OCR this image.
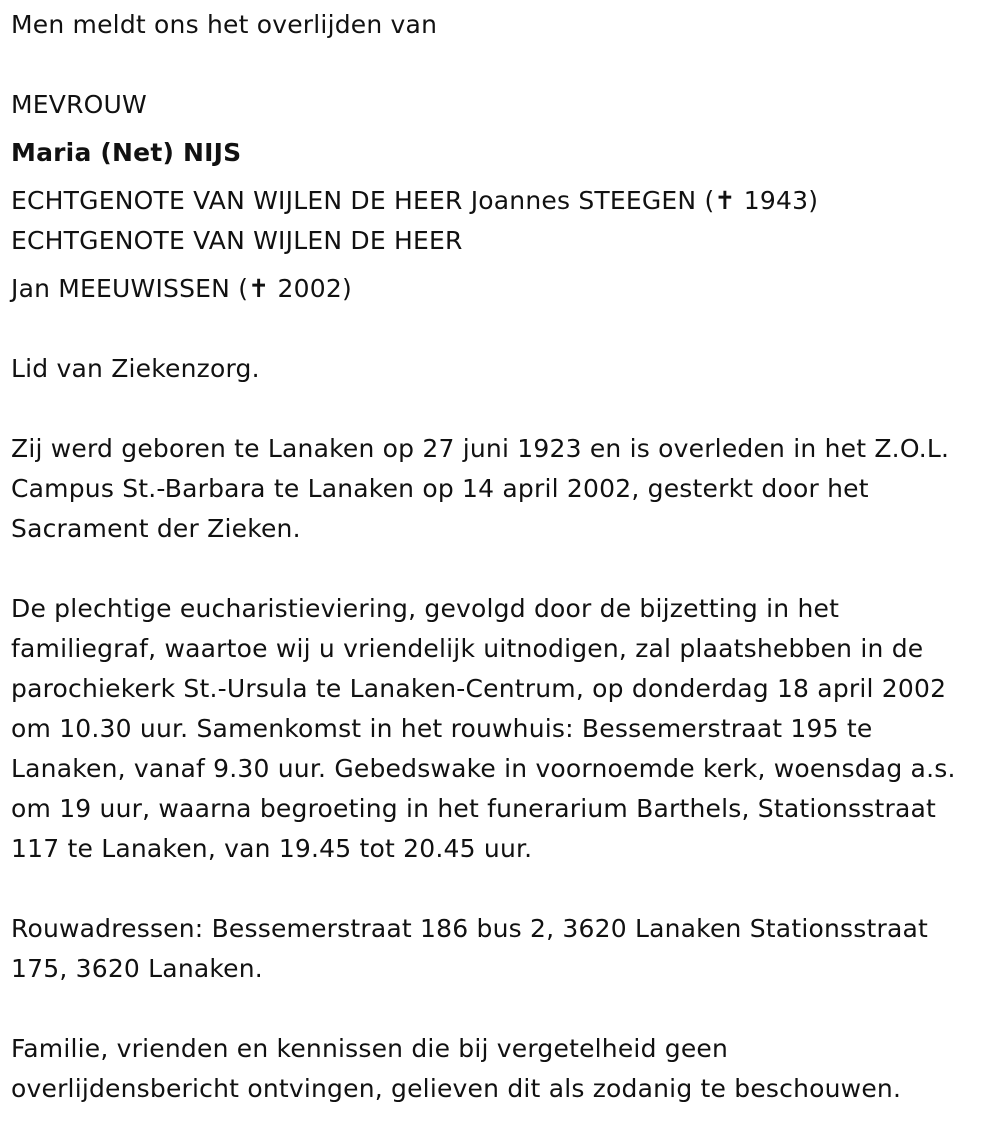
Men meldt ons het overlijden van

MEVROUW

Maria (Net) NIJS

ECHTGENOTE VAN WIJLEN DE HEER Joannes STEEGEN (✝ 1943)

ECHTGENOTE VAN WIJLEN DE HEER

Jan MEEUWISSEN (✝ 2002)

Lid van Ziekenzorg.

Zij werd geboren te Lanaken op 27 juni 1923 en is overleden in het Z.O.L.
Campus St.-Barbara te Lanaken op 14 april 2002, gesterkt door het
Sacrament der Zieken.
De plechtige eucharistieviering, gevolgd door de bijzetting in het
familiegraf, waartoe wij u vriendelijk uitnodigen, zal plaatshebben in de
parochiekerk St.-Ursula te Lanaken-Centrum, op donderdag 18 april 2002
om 10.30 uur. Samenkomst in het rouwhuis: Bessemerstraat 195 te
Lanaken, vanaf 9.30 uur. Gebedswake in voornoemde kerk, woensdag a.s.
om 19 uur, waarna begroeting in het funerarium Barthels, Stationsstraat
117 te Lanaken, van 19.45 tot 20.45 uur.
Rouwadressen: Bessemerstraat 186 bus 2, 3620 Lanaken Stationsstraat
175, 3620 Lanaken.
Familie, vrienden en kennissen die bij vergetelheid geen
overlijdensbericht ontvingen, gelieven dit als zodanig te beschouwen.
